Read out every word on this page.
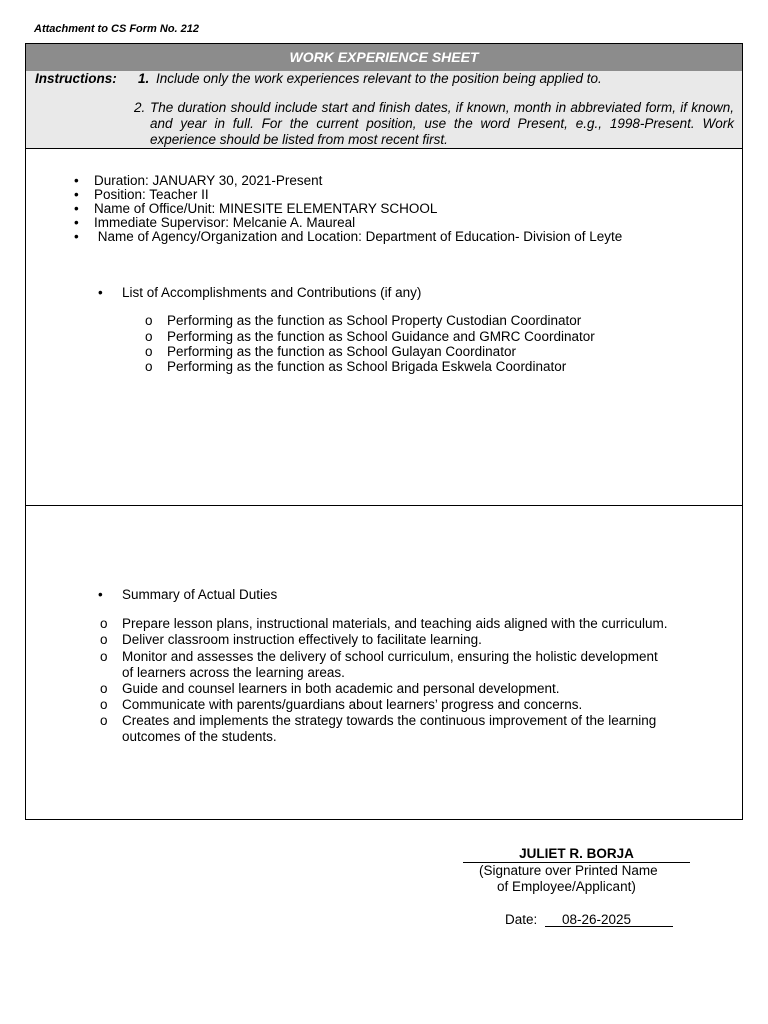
Attachment to CS Form No. 212
WORK EXPERIENCE SHEET
Instructions: 1. Include only the work experiences relevant to the position being applied to.
2. The duration should include start and finish dates, if known, month in abbreviated form, if known, and year in full. For the current position, use the word Present, e.g., 1998-Present. Work experience should be listed from most recent first.
• Duration: JANUARY 30, 2021-Present
• Position: Teacher II
• Name of Office/Unit: MINESITE ELEMENTARY SCHOOL
• Immediate Supervisor: Melcanie A. Maureal
• Name of Agency/Organization and Location: Department of Education- Division of Leyte
• List of Accomplishments and Contributions (if any)
o Performing as the function as School Property Custodian Coordinator
o Performing as the function as School Guidance and GMRC Coordinator
o Performing as the function as School Gulayan Coordinator
o Performing as the function as School Brigada Eskwela Coordinator
• Summary of Actual Duties
o Prepare lesson plans, instructional materials, and teaching aids aligned with the curriculum.
o Deliver classroom instruction effectively to facilitate learning.
o Monitor and assesses the delivery of school curriculum, ensuring the holistic development
of learners across the learning areas.
o Guide and counsel learners in both academic and personal development.
o Communicate with parents/guardians about learners’ progress and concerns.
o Creates and implements the strategy towards the continuous improvement of the learning
outcomes of the students.
JULIET R. BORJA
(Signature over Printed Name
of Employee/Applicant)
Date:	08-26-2025
